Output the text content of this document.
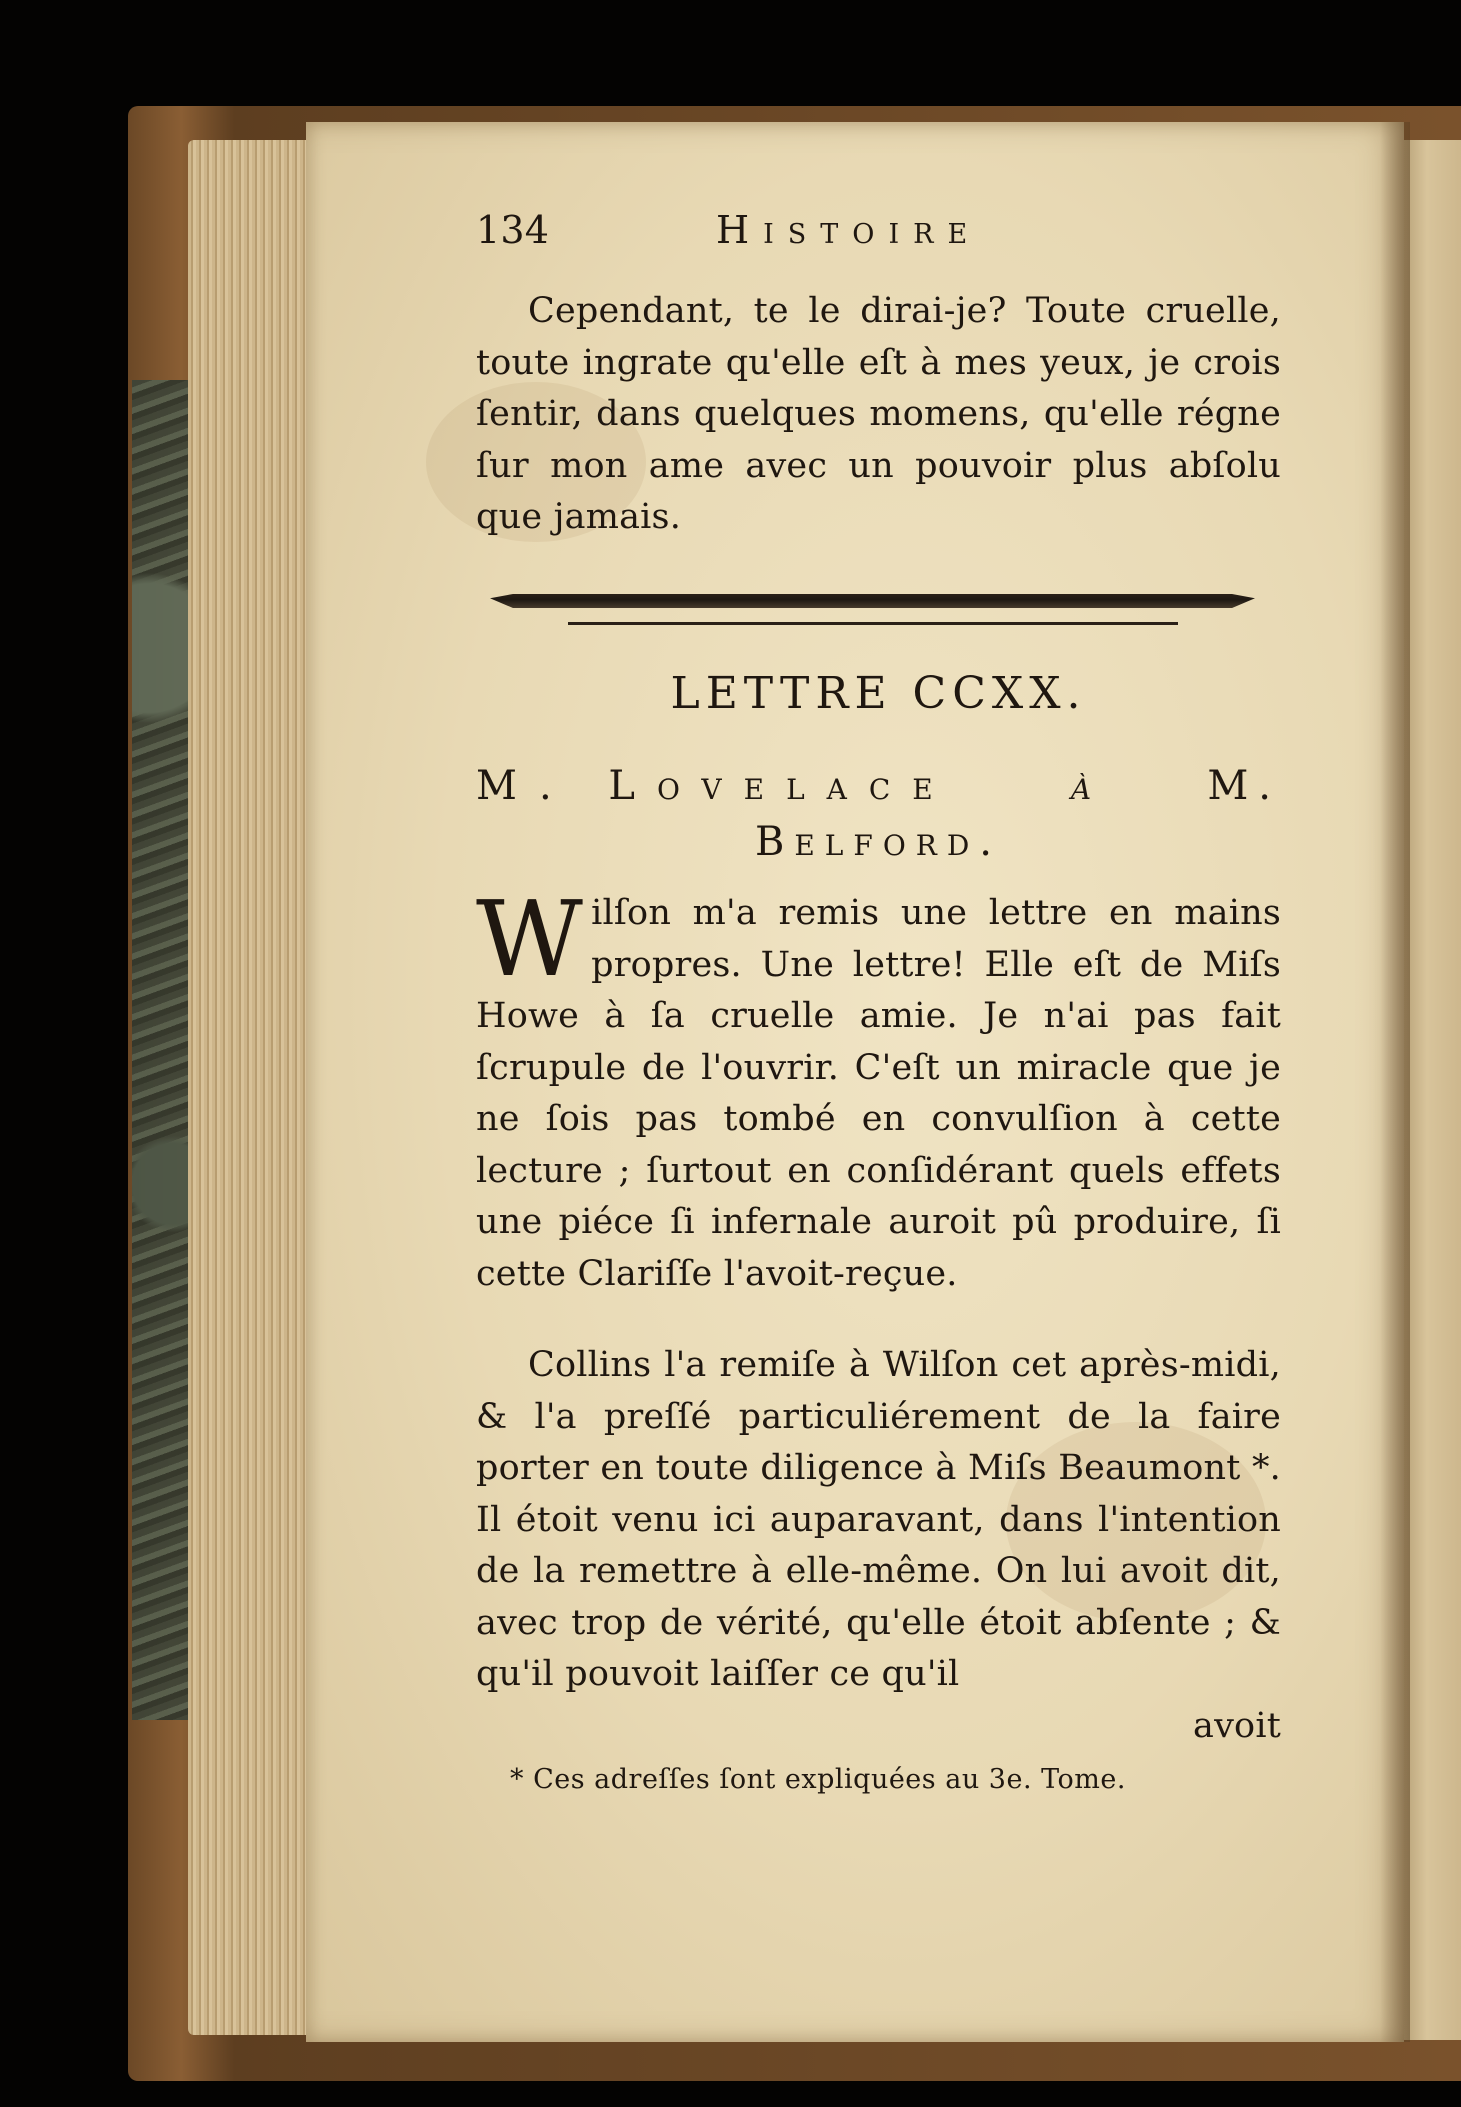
134	Histoire

Cependant, te le dirai-je? Toute cruelle, toute ingrate qu'elle eſt à mes yeux, je crois ſentir, dans quelques momens, qu'elle régne ſur mon ame avec un pouvoir plus abſolu que jamais.

LETTRE CCXX.
M. Lovelace	à	M.
Belford.

Wilſon m'a remis une lettre en mains propres. Une lettre! Elle eſt de Miſs Howe à ſa cruelle amie. Je n'ai pas fait ſcrupule de l'ouvrir. C'eſt un miracle que je ne ſois pas tombé en convulſion à cette lecture ; ſurtout en conſidérant quels effets une piéce ſi infernale auroit pû produire, ſi cette Clariſſe l'avoit-reçue.

Collins l'a remiſe à Wilſon cet après-midi, & l'a preſſé particuliérement de la faire porter en toute diligence à Miſs Beaumont *. Il étoit venu ici auparavant, dans l'intention de la remettre à elle-même. On lui avoit dit, avec trop de vérité, qu'elle étoit abſente ; & qu'il pouvoit laiſſer ce qu'il

avoit
* Ces adreſſes ſont expliquées au 3e. Tome.
